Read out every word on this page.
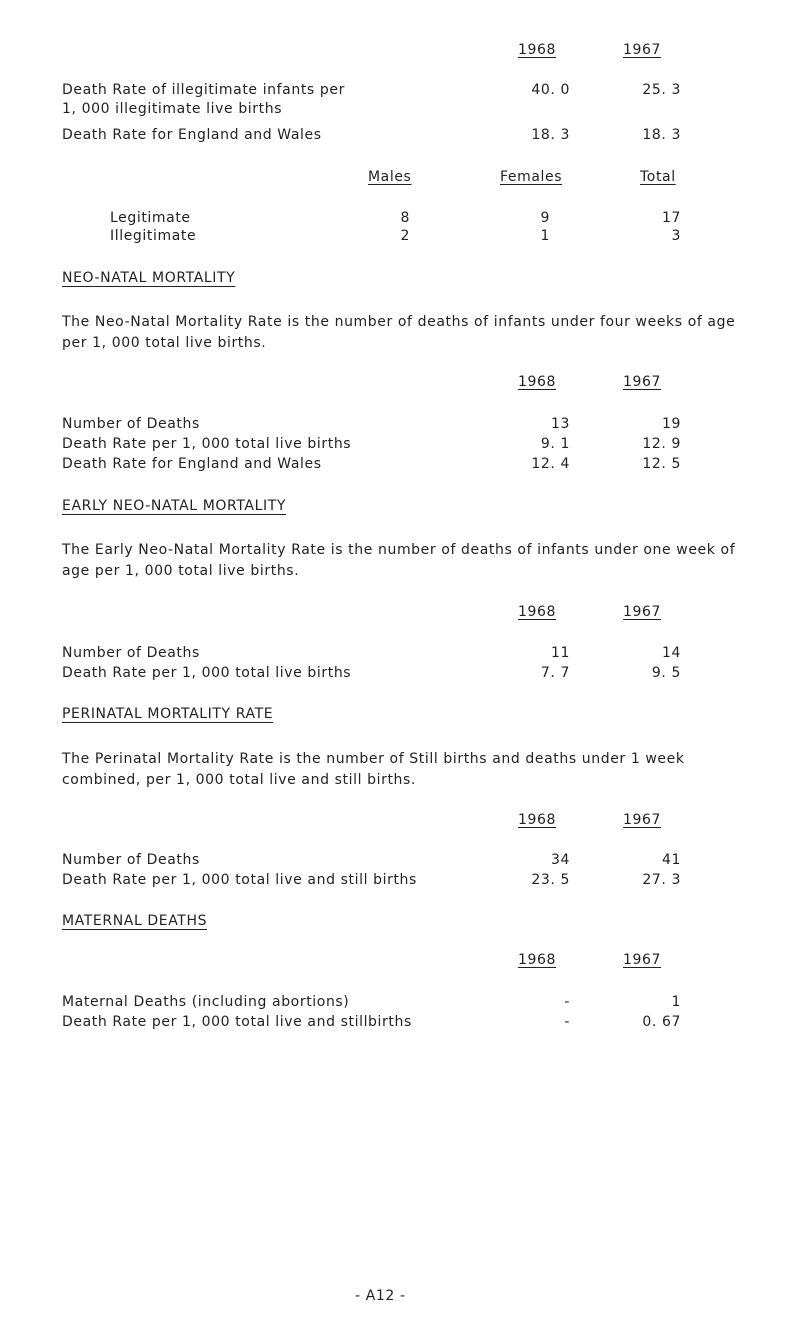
1968	1967
Death Rate of illegitimate infants per
1, 000 illegitimate live births
40. 0	25. 3
Death Rate for England and Wales	18. 3	18. 3
Males	Females	Total
Legitimate	8	9	17
Illegitimate	2	1	3
NEO-NATAL MORTALITY
The Neo-Natal Mortality Rate is the number of deaths of infants under four weeks of age per 1, 000 total live births.
1968	1967
Number of Deaths	13	19
Death Rate per 1, 000 total live births	9. 1	12. 9
Death Rate for England and Wales	12. 4	12. 5
EARLY NEO-NATAL MORTALITY
The Early Neo-Natal Mortality Rate is the number of deaths of infants under one week of age per 1, 000 total live births.
1968	1967
Number of Deaths	11	14
Death Rate per 1, 000 total live births	7. 7	9. 5
PERINATAL MORTALITY RATE
The Perinatal Mortality Rate is the number of Still births and deaths under 1 week combined, per 1, 000 total live and still births.
1968	1967
Number of Deaths	34	41
Death Rate per 1, 000 total live and still births	23. 5	27. 3
MATERNAL DEATHS
1968	1967
Maternal Deaths (including abortions)	-	1
Death Rate per 1, 000 total live and stillbirths	-	0. 67
- A12 -
